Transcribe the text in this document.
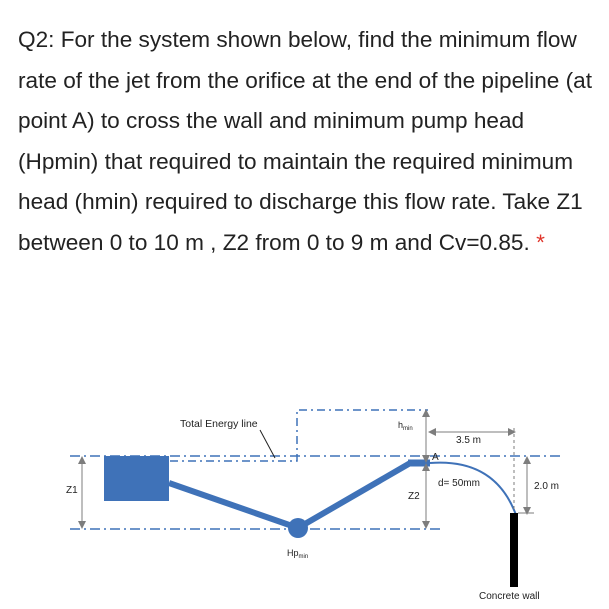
Q2: For the system shown below, find the minimum flow rate of the jet from the orifice at the end of the pipeline (at point A) to cross the wall and minimum pump head (Hpmin) that required to maintain the required minimum head (hmin) required to discharge this flow rate. Take Z1 between 0 to 10 m , Z2 from 0 to 9 m and Cv=0.85. *

Total Energy line	$h_{min}$
3.5 m
A
d= 50mm	2.0 m
Z1
Z2
$Hp_{min}$
Concrete wall
